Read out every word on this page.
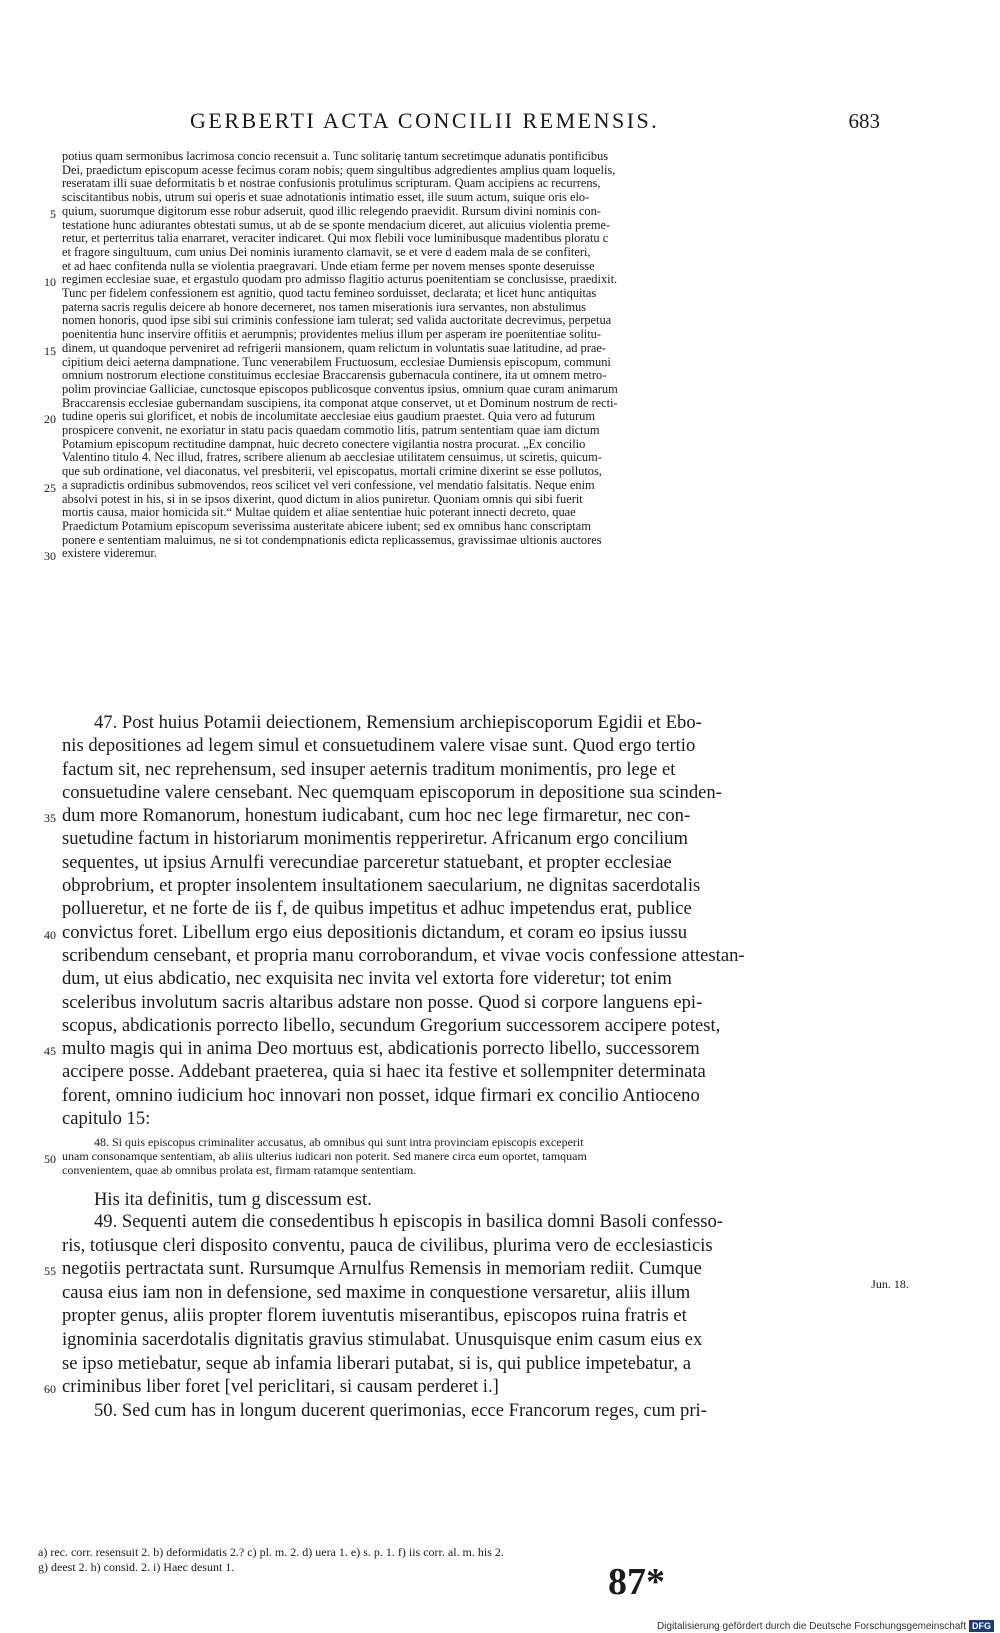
GERBERTI ACTA CONCILII REMENSIS.	683
potius quam sermonibus lacrimosa concio recensuit a. Tunc solitarię tantum secretimque adunatis pontificibus
Dei, praedictum episcopum acesse fecimus coram nobis; quem singultibus adgredientes amplius quam loquelis,
reseratam illi suae deformitatis b et nostrae confusionis protulimus scripturam. Quam accipiens ac recurrens,
sciscitantibus nobis, utrum sui operis et suae adnotationis intimatio esset, ille suum actum, suique oris elo-
5 quium, suorumque digitorum esse robur adseruit, quod illic relegendo praevidit. Rursum divini nominis con-
testatione hunc adiurantes obtestati sumus, ut ab de se sponte mendacium diceret, aut alicuius violentia preme-
retur, et perterritus talia enarraret, veraciter indicaret. Qui mox flebili voce luminibusque madentibus ploratu c
et fragore singultuum, cum unius Dei nominis iuramento clamavit, se et vere d eadem mala de se confiteri,
et ad haec confitenda nulla se violentia praegravari. Unde etiam ferme per novem menses sponte deseruisse
10 regimen ecclesiae suae, et ergastulo quodam pro admisso flagitio acturus poenitentiam se conclusisse, praedixit.
Tunc per fidelem confessionem est agnitio, quod tactu femineo sorduisset, declarata; et licet hunc antiquitas
paterna sacris regulis deicere ab honore decerneret, nos tamen miserationis iura servantes, non abstulimus
nomen honoris, quod ipse sibi sui criminis confessione iam tulerat; sed valida auctoritate decrevimus, perpetua
poenitentia hunc inservire offitiis et aerumpnis; providentes melius illum per asperam ire poenitentiae solitu-
15 dinem, ut quandoque perveniret ad refrigerii mansionem, quam relictum in voluntatis suae latitudine, ad prae-
cipitium deici aeterna dampnatione. Tunc venerabilem Fructuosum, ecclesiae Dumiensis episcopum, communi
omnium nostrorum electione constituimus ecclesiae Braccarensis gubernacula continere, ita ut omnem metro-
polim provinciae Galliciae, cunctosque episcopos publicosque conventus ipsius, omnium quae curam animarum
Braccarensis ecclesiae gubernandam suscipiens, ita componat atque conservet, ut et Dominum nostrum de recti-
20 tudine operis sui glorificet, et nobis de incolumitate aecclesiae eius gaudium praestet. Quia vero ad futurum
prospicere convenit, ne exoriatur in statu pacis quaedam commotio litis, patrum sententiam quae iam dictum
Potamium episcopum rectitudine dampnat, huic decreto conectere vigilantia nostra procurat. „Ex concilio
Valentino titulo 4. Nec illud, fratres, scribere alienum ab aecclesiae utilitatem censuimus, ut sciretis, quicum-
que sub ordinatione, vel diaconatus, vel presbiterii, vel episcopatus, mortali crimine dixerint se esse pollutos,
25 a supradictis ordinibus submovendos, reos scilicet vel veri confessione, vel mendatio falsitatis. Neque enim
absolvi potest in his, si in se ipsos dixerint, quod dictum in alios puniretur. Quoniam omnis qui sibi fuerit
mortis causa, maior homicida sit.“ Multae quidem et aliae sententiae huic poterant innecti decreto, quae
Praedictum Potamium episcopum severissima austeritate abicere iubent; sed ex omnibus hanc conscriptam
ponere e sententiam maluimus, ne si tot condempnationis edicta replicassemus, gravissimae ultionis auctores
30 existere videremur.
47. Post huius Potamii deiectionem, Remensium archiepiscoporum Egidii et Ebo-
nis depositiones ad legem simul et consuetudinem valere visae sunt. Quod ergo tertio
factum sit, nec reprehensum, sed insuper aeternis traditum monimentis, pro lege et
consuetudine valere censebant. Nec quemquam episcoporum in depositione sua scinden-
35 dum more Romanorum, honestum iudicabant, cum hoc nec lege firmaretur, nec con-
suetudine factum in historiarum monimentis repperiretur. Africanum ergo concilium
sequentes, ut ipsius Arnulfi verecundiae parceretur statuebant, et propter ecclesiae
obprobrium, et propter insolentem insultationem saecularium, ne dignitas sacerdotalis
pollueretur, et ne forte de iis f, de quibus impetitus et adhuc impetendus erat, publice
40 convictus foret. Libellum ergo eius depositionis dictandum, et coram eo ipsius iussu
scribendum censebant, et propria manu corroborandum, et vivae vocis confessione attestan-
dum, ut eius abdicatio, nec exquisita nec invita vel extorta fore videretur; tot enim
sceleribus involutum sacris altaribus adstare non posse. Quod si corpore languens epi-
scopus, abdicationis porrecto libello, secundum Gregorium successorem accipere potest,
45 multo magis qui in anima Deo mortuus est, abdicationis porrecto libello, successorem
accipere posse. Addebant praeterea, quia si haec ita festive et sollempniter determinata
forent, omnino iudicium hoc innovari non posset, idque firmari ex concilio Antioceno
capitulo 15:
48. Si quis episcopus criminaliter accusatus, ab omnibus qui sunt intra provinciam episcopis exceperit
50 unam consonamque sententiam, ab aliis ulterius iudicari non poterit. Sed manere circa eum oportet, tamquam
convenientem, quae ab omnibus prolata est, firmam ratamque sententiam.
His ita definitis, tum g discessum est.
49. Sequenti autem die consedentibus h episcopis in basilica domni Basoli confesso-
ris, totiusque cleri disposito conventu, pauca de civilibus, plurima vero de ecclesiasticis
55 negotiis pertractata sunt. Rursumque Arnulfus Remensis in memoriam rediit. Cumque
causa eius iam non in defensione, sed maxime in conquestione versaretur, aliis illum
propter genus, aliis propter florem iuventutis miserantibus, episcopos ruina fratris et
ignominia sacerdotalis dignitatis gravius stimulabat. Unusquisque enim casum eius ex
se ipso metiebatur, seque ab infamia liberari putabat, si is, qui publice impetebatur, a
60 criminibus liber foret [vel periclitari, si causam perderet i.]
50. Sed cum has in longum ducerent querimonias, ecce Francorum reges, cum pri-
Jun. 18.
a) rec. corr. resensuit 2. b) deformidatis 2.? c) pl. m. 2. d) uera 1. e) s. p. 1. f) iis corr. al. m. his 2.
g) deest 2. h) consid. 2. i) Haec desunt 1.	87*
Digitalisierung gefördert durch die Deutsche Forschungsgemeinschaft DFG
